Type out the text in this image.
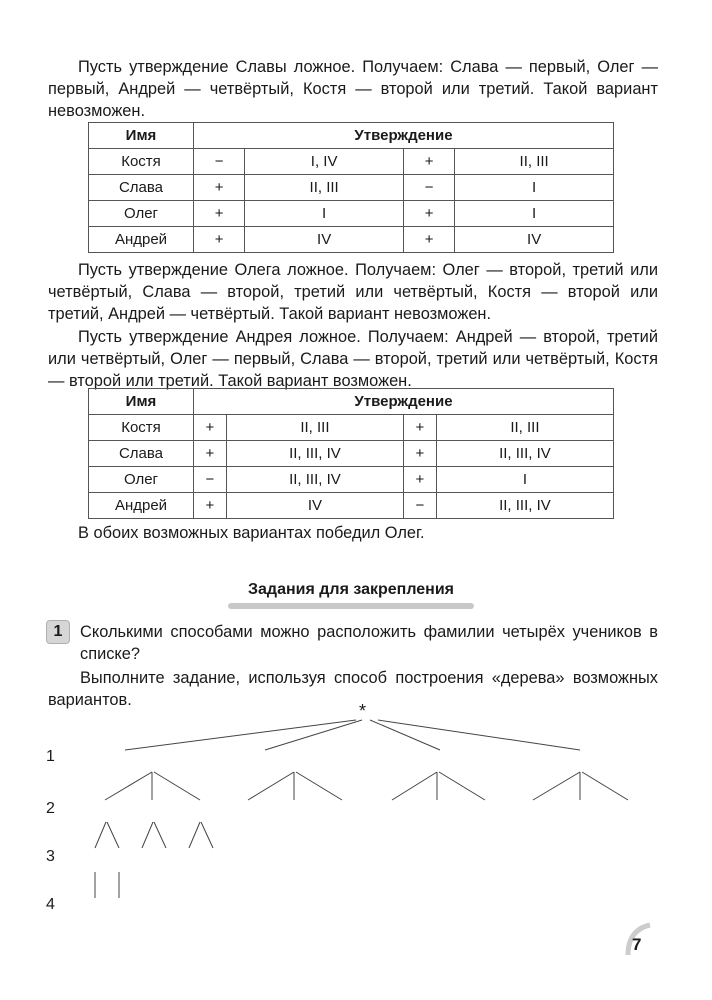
Пусть утверждение Славы ложное. Получаем: Слава — первый, Олег — первый, Андрей — четвёртый, Костя — второй или третий. Такой вариант невозможен.
Имя	Утверждение			
Костя	−	I, IV	+	II, III
Слава	+	II, III	−	I
Олег	+	I	+	I
Андрей	+	IV	+	IV
Пусть утверждение Олега ложное. Получаем: Олег — второй, третий или четвёртый, Слава — второй, третий или четвёртый, Костя — второй или третий, Андрей — четвёртый. Такой вариант невозможен.
Пусть утверждение Андрея ложное. Получаем: Андрей — второй, третий или четвёртый, Олег — первый, Слава — второй, третий или четвёртый, Костя — второй или третий. Такой вариант возможен.
Имя	Утверждение			
Костя	+	II, III	+	II, III
Слава	+	II, III, IV	+	II, III, IV
Олег	−	II, III, IV	+	I
Андрей	+	IV	−	II, III, IV
В обоих возможных вариантах победил Олег.
Задания для закрепления
1	Сколькими способами можно расположить фамилии четырёх учеников в списке?
Выполните задание, используя способ построения «дерева» возможных вариантов.
*
1
2
3
4
7
